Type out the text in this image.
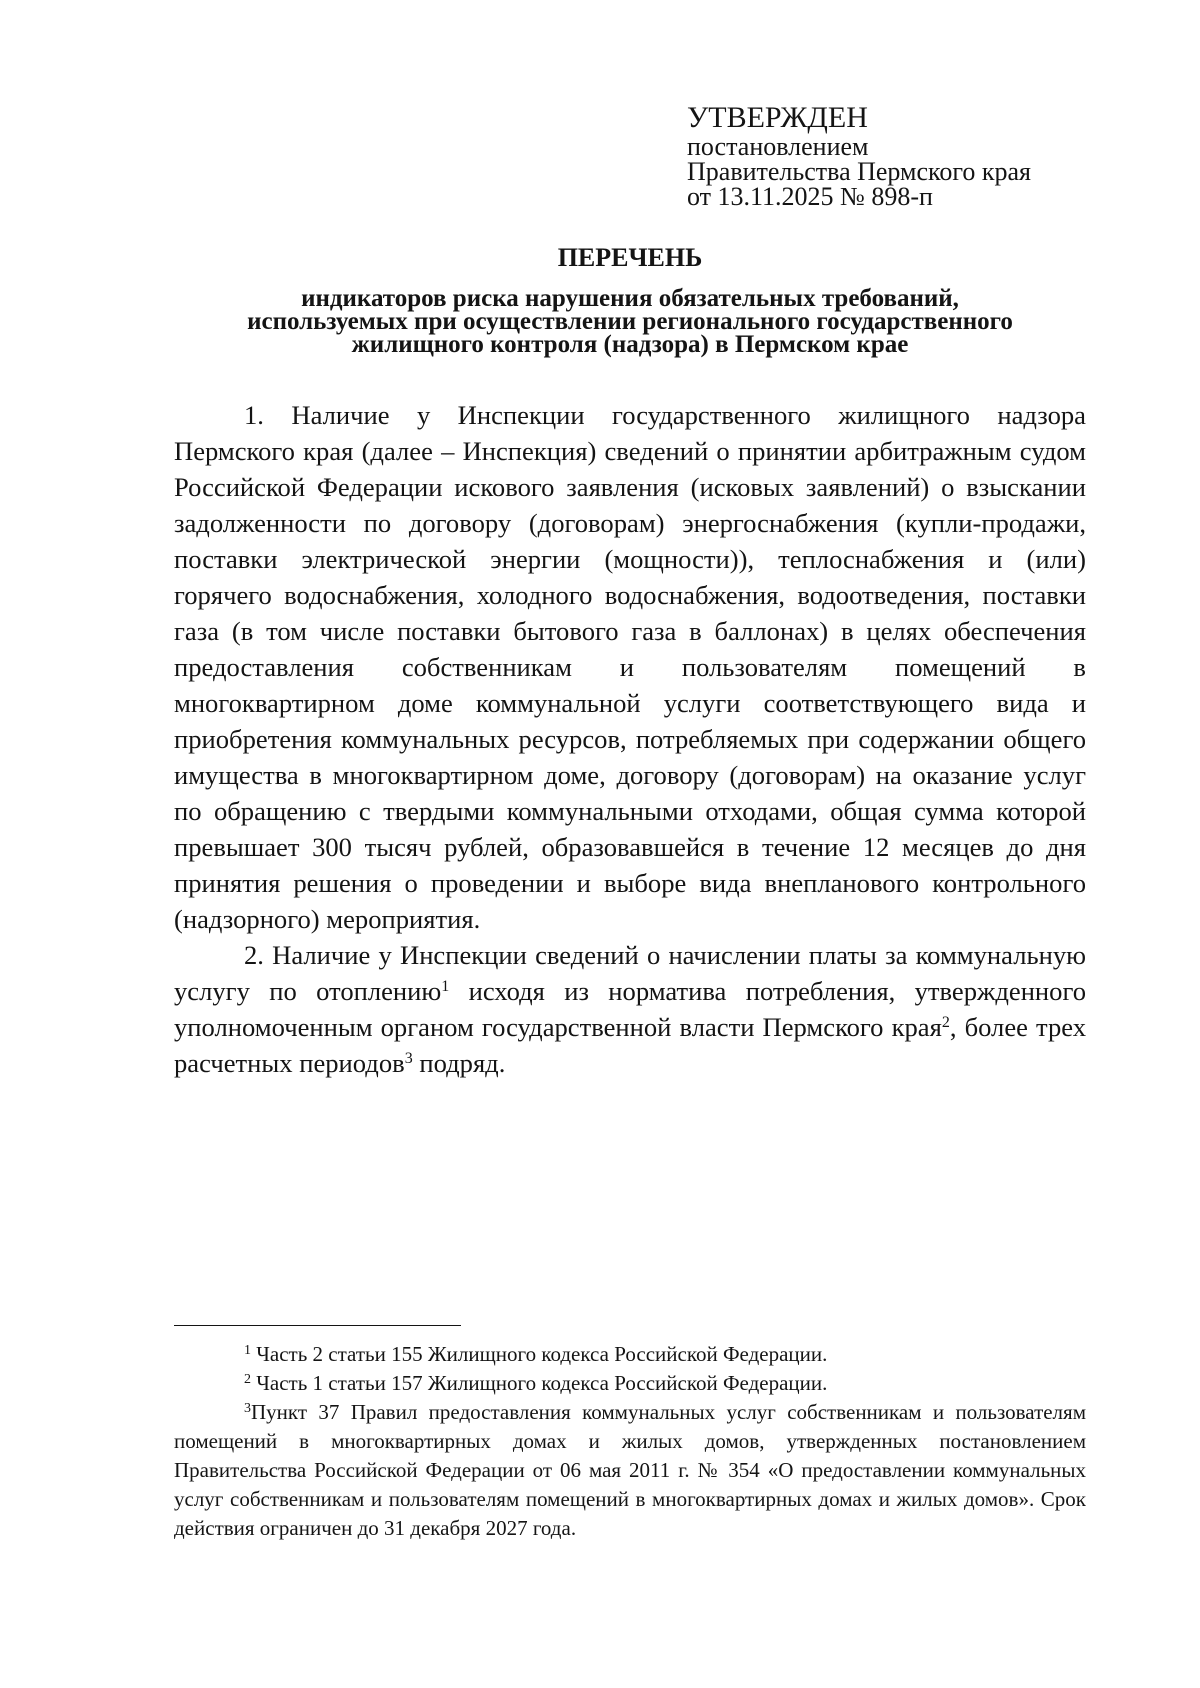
УТВЕРЖДЕН
постановлением
Правительства Пермского края
от 13.11.2025 № 898-п
ПЕРЕЧЕНЬ
индикаторов риска нарушения обязательных требований,
используемых при осуществлении регионального государственного
жилищного контроля (надзора) в Пермском крае

1. Наличие у Инспекции государственного жилищного надзора Пермского края (далее – Инспекция) сведений о принятии арбитражным судом Российской Федерации искового заявления (исковых заявлений) о взыскании задолженности по договору (договорам) энергоснабжения (купли-продажи, поставки электрической энергии (мощности)), теплоснабжения и (или) горячего водоснабжения, холодного водоснабжения, водоотведения, поставки газа (в том числе поставки бытового газа в баллонах) в целях обеспечения предоставления собственникам и пользователям помещений в многоквартирном доме коммунальной услуги соответствующего вида и приобретения коммунальных ресурсов, потребляемых при содержании общего имущества в многоквартирном доме, договору (договорам) на оказание услуг по обращению с твердыми коммунальными отходами, общая сумма которой превышает 300 тысяч рублей, образовавшейся в течение 12 месяцев до дня принятия решения о проведении и выборе вида внепланового контрольного (надзорного) мероприятия.

2. Наличие у Инспекции сведений о начислении платы за коммунальную услугу по отоплению$^1$ исходя из норматива потребления, утвержденного уполномоченным органом государственной власти Пермского края$^2$, более трех расчетных периодов$^3$ подряд.

$^1$ Часть 2 статьи 155 Жилищного кодекса Российской Федерации.

$^2$ Часть 1 статьи 157 Жилищного кодекса Российской Федерации.

$^3$Пункт 37 Правил предоставления коммунальных услуг собственникам и пользователям помещений в многоквартирных домах и жилых домов, утвержденных постановлением Правительства Российской Федерации от 06 мая 2011 г. № 354 «О предоставлении коммунальных услуг собственникам и пользователям помещений в многоквартирных домах и жилых домов». Срок действия ограничен до 31 декабря 2027 года.
